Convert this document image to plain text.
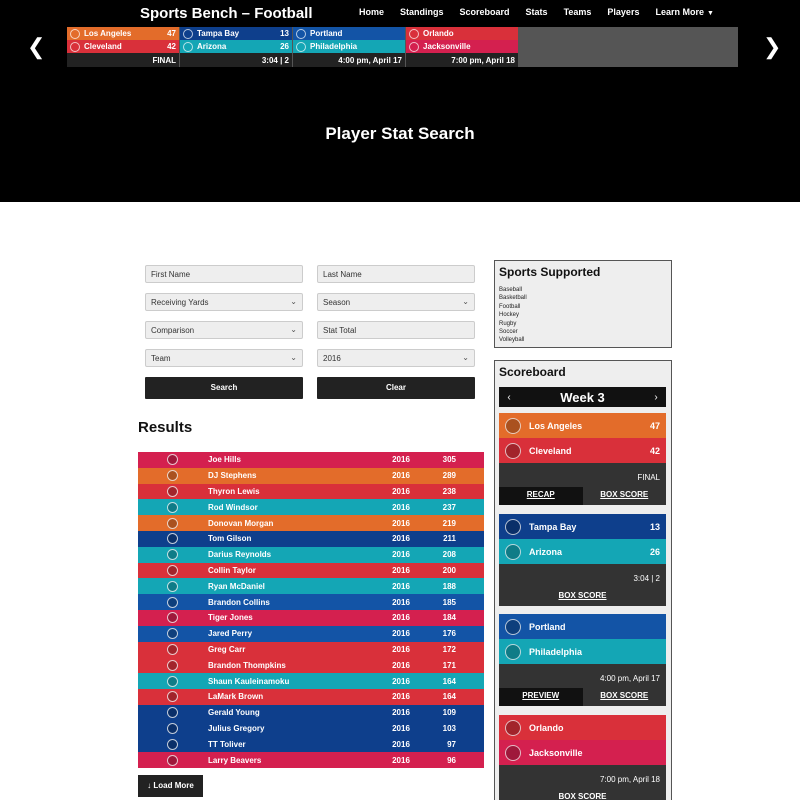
Sports Bench – Football	Home Standings Scoreboard Stats Teams Players Learn More ▼
❮
Los Angeles	47
Cleveland	42
FINAL
Tampa Bay	13
Arizona	26
3:04 | 2
Portland
Philadelphia
4:00 pm, April 17
Orlando
Jacksonville
7:00 pm, April 18
❯
Player Stat Search
First Name	Last Name
Receiving Yards	⌄	Season	⌄
Comparison	⌄	Stat Total
Team	⌄	2016	⌄
Search	Clear
Results
Joe Hills	2016	305
DJ Stephens	2016	289
Thyron Lewis	2016	238
Rod Windsor	2016	237
Donovan Morgan	2016	219
Tom Gilson	2016	211
Darius Reynolds	2016	208
Collin Taylor	2016	200
Ryan McDaniel	2016	188
Brandon Collins	2016	185
Tiger Jones	2016	184
Jared Perry	2016	176
Greg Carr	2016	172
Brandon Thompkins	2016	171
Shaun Kauleinamoku	2016	164
LaMark Brown	2016	164
Gerald Young	2016	109
Julius Gregory	2016	103
TT Toliver	2016	97
Larry Beavers	2016	96
↓ Load More
Sports Supported
Baseball
Basketball
Football
Hockey
Rugby
Soccer
Volleyball
Scoreboard
‹	Week 3	›
Los Angeles	47
Cleveland	42
FINAL
RECAP	BOX SCORE
Tampa Bay	13
Arizona	26
3:04 | 2
BOX SCORE
Portland
Philadelphia
4:00 pm, April 17
PREVIEW	BOX SCORE
Orlando
Jacksonville
7:00 pm, April 18
BOX SCORE
